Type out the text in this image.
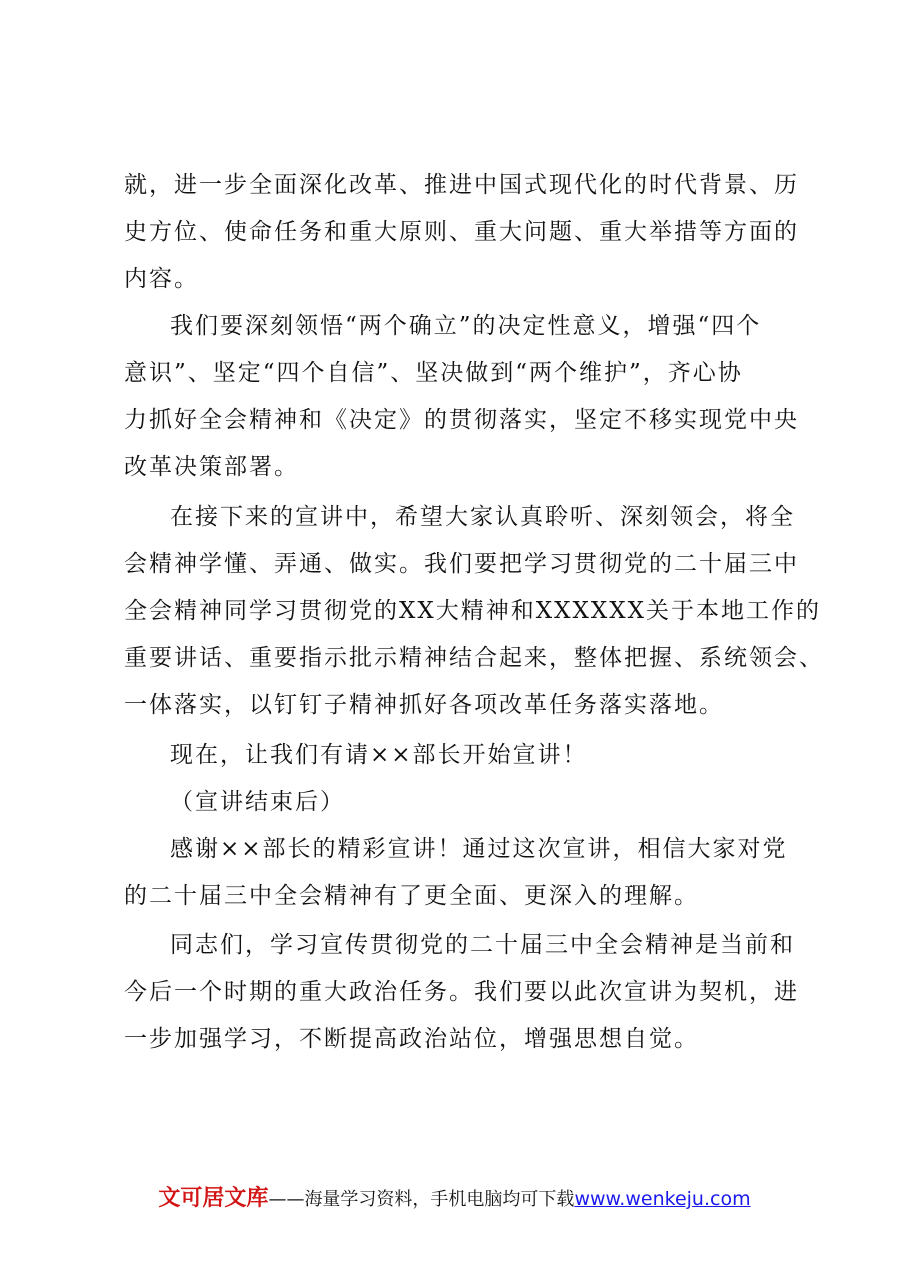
就，进一步全面深化改革、推进中国式现代化的时代背景、历
史方位、使命任务和重大原则、重大问题、重大举措等方面的
内容。
我们要深刻领悟“两个确立”的决定性意义，增强“四个
意识”、坚定“四个自信”、坚决做到“两个维护”，齐心协
力抓好全会精神和《决定》的贯彻落实，坚定不移实现党中央
改革决策部署。
在接下来的宣讲中，希望大家认真聆听、深刻领会，将全
会精神学懂、弄通、做实。我们要把学习贯彻党的二十届三中
全会精神同学习贯彻党的XX大精神和XXXXXX关于本地工作的
重要讲话、重要指示批示精神结合起来，整体把握、系统领会、
一体落实，以钉钉子精神抓好各项改革任务落实落地。
现在，让我们有请××部长开始宣讲！
（宣讲结束后）
感谢××部长的精彩宣讲！通过这次宣讲，相信大家对党
的二十届三中全会精神有了更全面、更深入的理解。
同志们，学习宣传贯彻党的二十届三中全会精神是当前和
今后一个时期的重大政治任务。我们要以此次宣讲为契机，进
一步加强学习，不断提高政治站位，增强思想自觉。
文可居文库——海量学习资料，手机电脑均可下载www.wenkeju.com
